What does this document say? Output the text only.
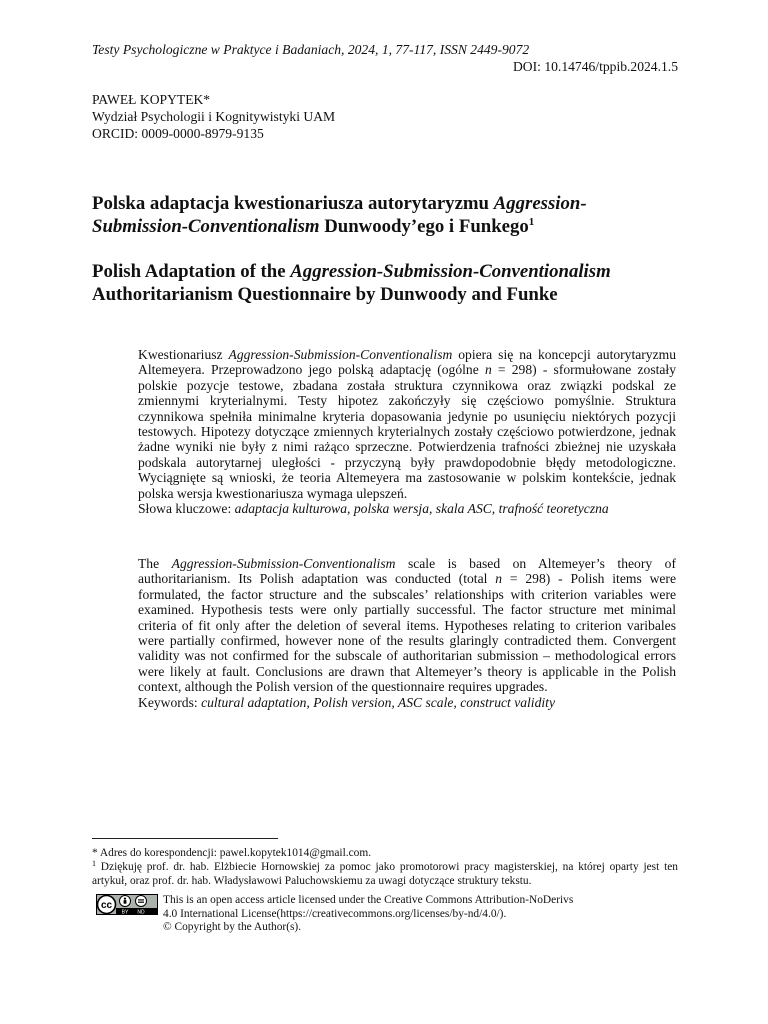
Testy Psychologiczne w Praktyce i Badaniach, 2024, 1, 77-117, ISSN 2449-9072
DOI: 10.14746/tppib.2024.1.5
PAWEŁ KOPYTEK*
Wydział Psychologii i Kognitywistyki UAM
ORCID: 0009-0000-8979-9135
Polska adaptacja kwestionariusza autorytaryzmu Aggression-Submission-Conventionalism Dunwoody’ego i Funkego$^1$
Polish Adaptation of the Aggression-Submission-Conventionalism Authoritarianism Questionnaire by Dunwoody and Funke
Kwestionariusz Aggression-Submission-Conventionalism opiera się na koncepcji autorytaryzmu Altemeyera. Przeprowadzono jego polską adaptację (ogólne n = 298) - sformułowane zostały polskie pozycje testowe, zbadana została struktura czynnikowa oraz związki podskal ze zmiennymi kryterialnymi. Testy hipotez zakończyły się częściowo pomyślnie. Struktura czynnikowa spełniła minimalne kryteria dopasowania jedynie po usunięciu niektórych pozycji testowych. Hipotezy dotyczące zmiennych kryterialnych zostały częściowo potwierdzone, jednak żadne wyniki nie były z nimi rażąco sprzeczne. Potwierdzenia trafności zbieżnej nie uzyskała podskala autorytarnej uległości - przyczyną były prawdopodobnie błędy metodologiczne. Wyciągnięte są wnioski, że teoria Altemeyera ma zastosowanie w polskim kontekście, jednak polska wersja kwestionariusza wymaga ulepszeń.
Słowa kluczowe: adaptacja kulturowa, polska wersja, skala ASC, trafność teoretyczna
The Aggression-Submission-Conventionalism scale is based on Altemeyer’s theory of authoritarianism. Its Polish adaptation was conducted (total n = 298) - Polish items were formulated, the factor structure and the subscales’ relationships with criterion variables were examined. Hypothesis tests were only partially successful. The factor structure met minimal criteria of fit only after the deletion of several items. Hypotheses relating to criterion varibales were partially confirmed, however none of the results glaringly contradicted them. Convergent validity was not confirmed for the subscale of authoritarian submission – methodological errors were likely at fault. Conclusions are drawn that Altemeyer’s theory is applicable in the Polish context, although the Polish version of the questionnaire requires upgrades.
Keywords: cultural adaptation, Polish version, ASC scale, construct validity
* Adres do korespondencji: pawel.kopytek1014@gmail.com.
$^1$ Dziękuję prof. dr. hab. Elżbiecie Hornowskiej za pomoc jako promotorowi pracy magisterskiej, na której oparty jest ten artykuł, oraz prof. dr. hab. Władysławowi Paluchowskiemu za uwagi dotyczące struktury tekstu.
cc
BY ND
This is an open access article licensed under the Creative Commons Attribution-NoDerivs
4.0 International License(https://creativecommons.org/licenses/by-nd/4.0/).
© Copyright by the Author(s).
